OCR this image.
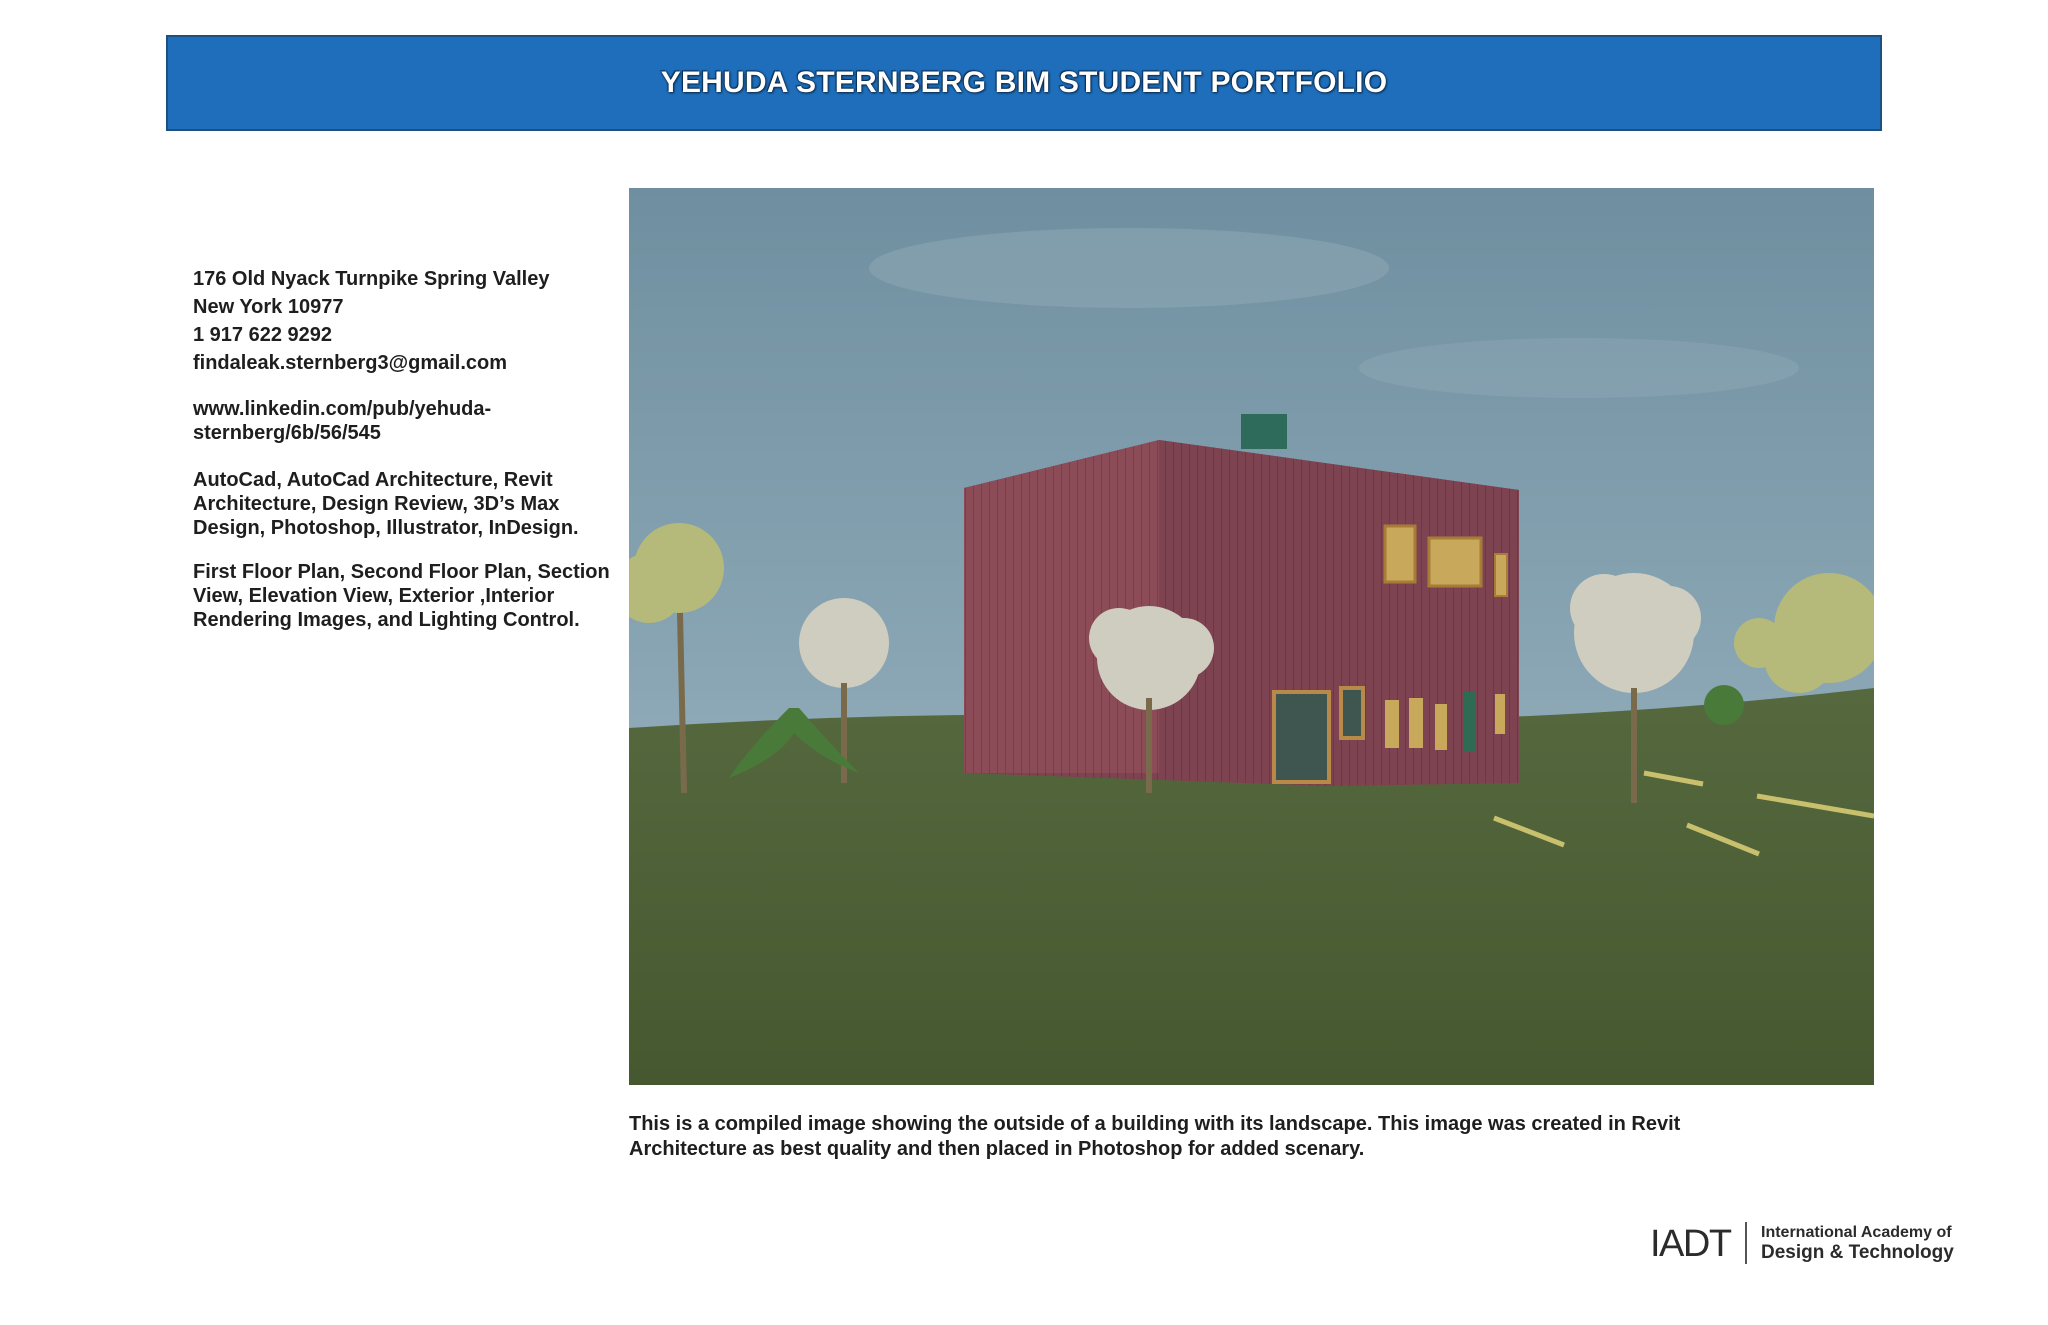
YEHUDA STERNBERG BIM STUDENT PORTFOLIO
176 Old Nyack Turnpike Spring Valley
New York 10977
1 917 622 9292
findaleak.sternberg3@gmail.com

www.linkedin.com/pub/yehuda-sternberg/6b/56/545

AutoCad, AutoCad Architecture, Revit Architecture, Design Review, 3D’s Max Design, Photoshop, Illustrator, InDesign.

First Floor Plan, Second Floor Plan, Section View, Elevation View, Exterior ,Interior Rendering Images, and Lighting Control.

This is a compiled image showing the outside of a building with its landscape. This image was created in Revit Architecture as best quality and then placed in Photoshop for added scenary.

IADT International Academy of
Design & Technology
